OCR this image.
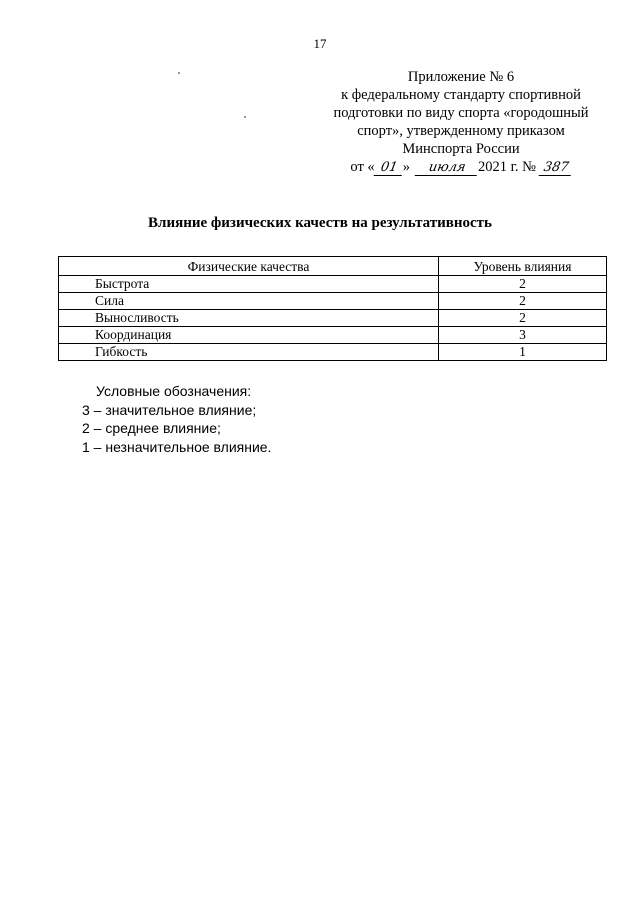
17
Приложение № 6
к федеральному стандарту спортивной
подготовки по виду спорта «городошный
спорт», утвержденному приказом
Минспорта России
от « 01 » июля 2021 г. № 387
Влияние физических качеств на результативность
Физические качества	Уровень влияния
Быстрота	2
Сила	2
Выносливость	2
Координация	3
Гибкость	1
Условные обозначения:
3 – значительное влияние;
2 – среднее влияние;
1 – незначительное влияние.
